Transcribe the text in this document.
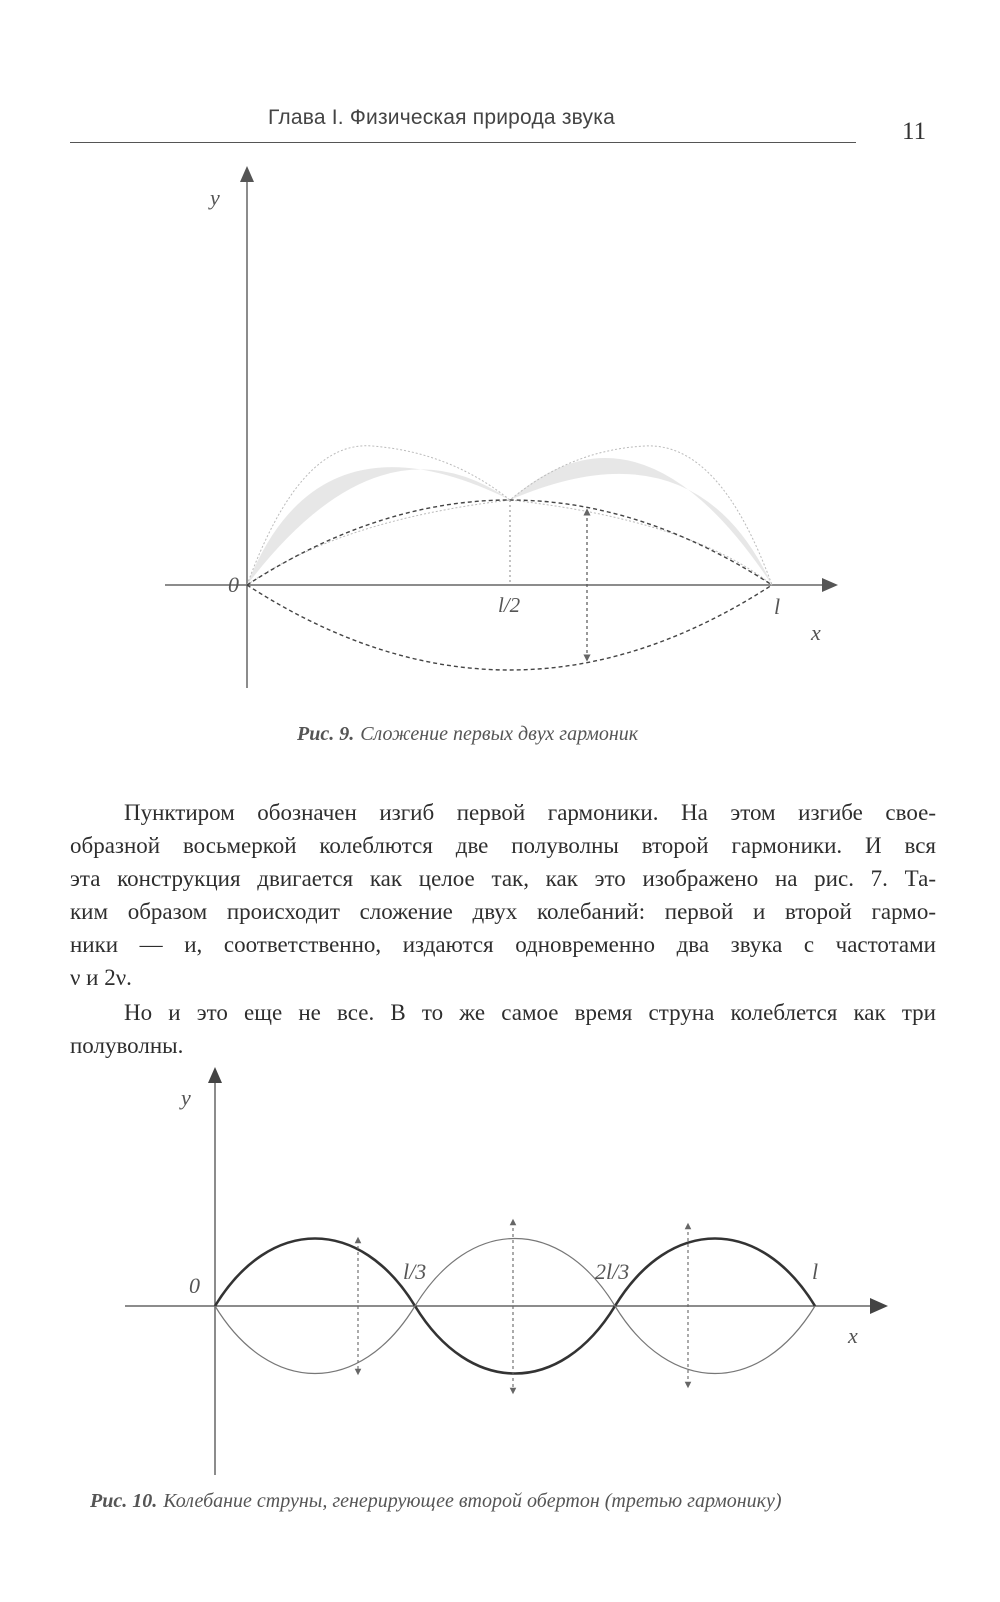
Глава I. Физическая природа звука
11
y
0
l/2	l
x
Рис. 9. Сложение первых двух гармоник
Пунктиром обозначен изгиб первой гармоники. На этом изгибе свое-
образной восьмеркой колеблются две полуволны второй гармоники. И вся
эта конструкция двигается как целое так, как это изображено на рис. 7. Та-
ким образом происходит сложение двух колебаний: первой и второй гармо-
ники — и, соответственно, издаются одновременно два звука с частотами
ν и 2ν.
Но и это еще не все. В то же самое время струна колеблется как три
полуволны.
y
0
l/3	2l/3	l
x
Рис. 10. Колебание струны, генерирующее второй обертон (третью гармонику)
